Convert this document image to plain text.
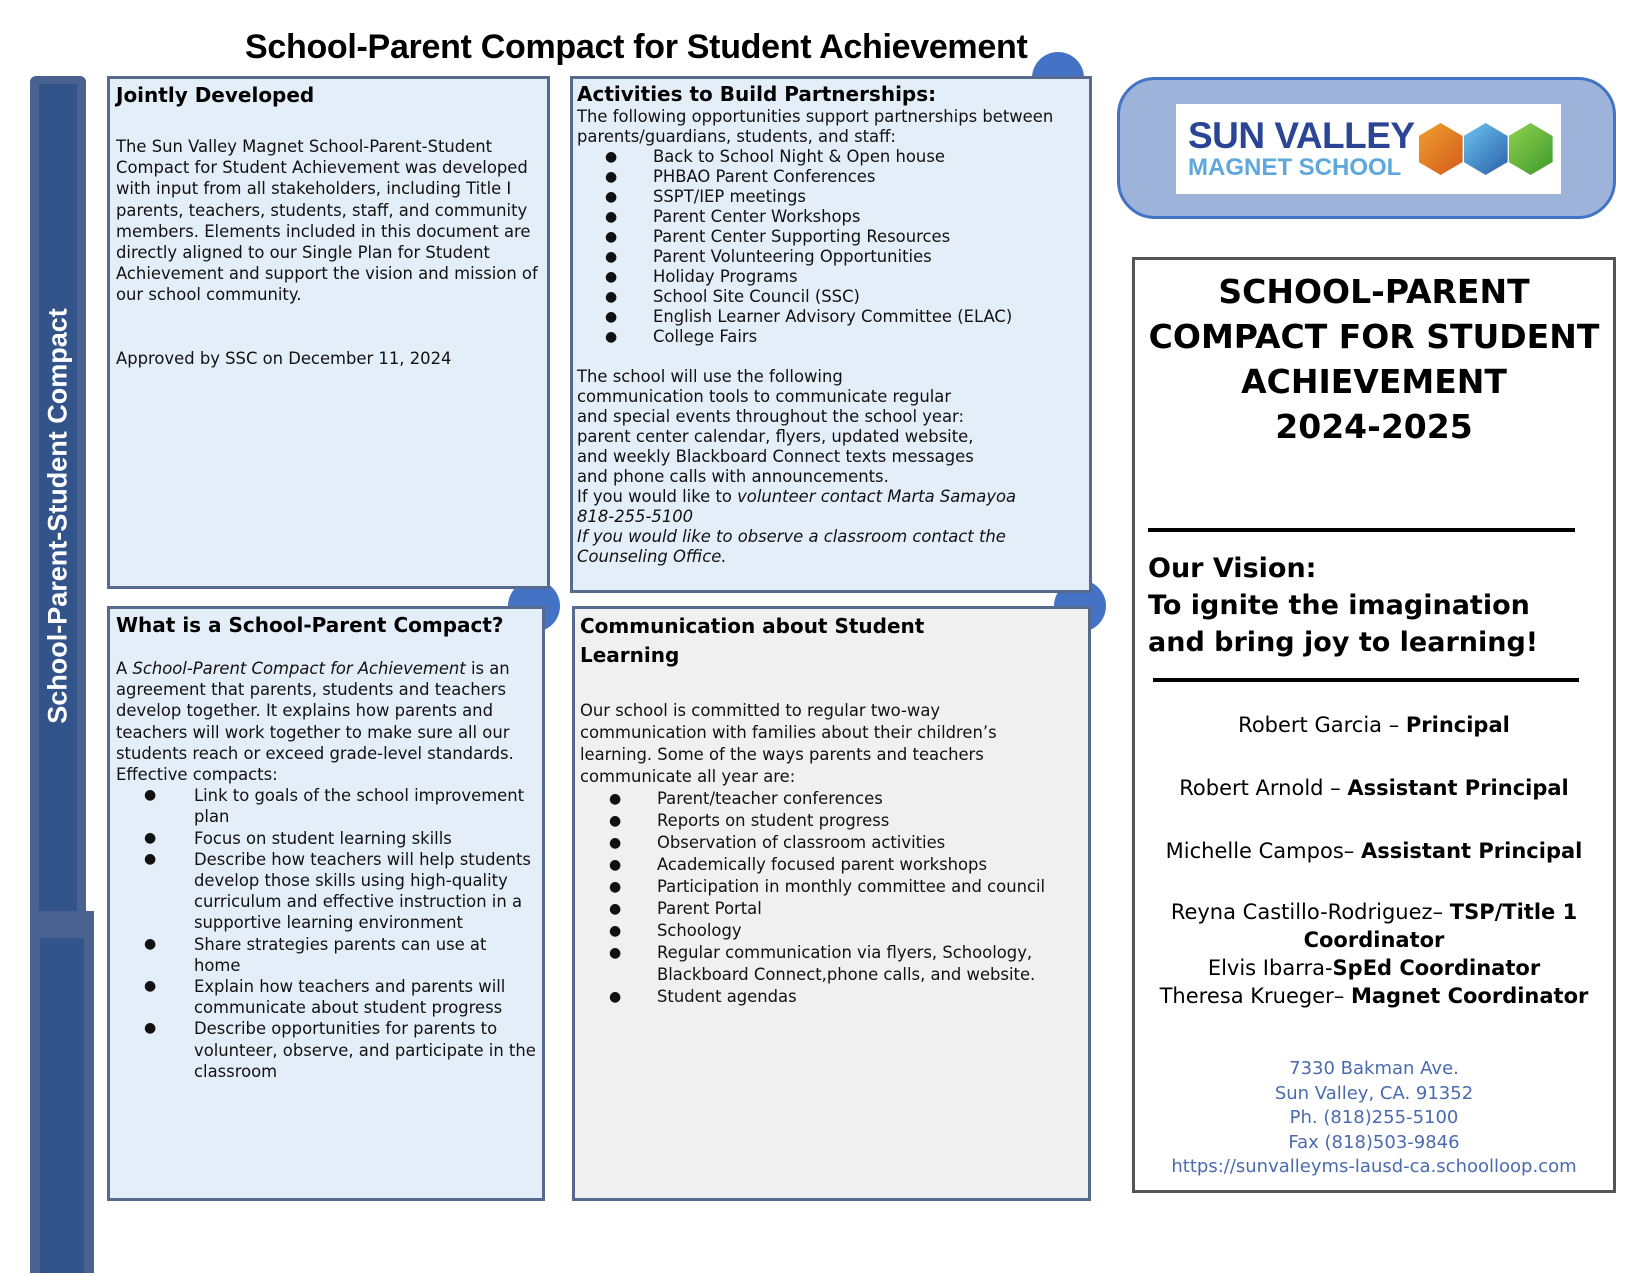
School-Parent Compact for Student Achievement
School-Parent-Student Compact
Jointly Developed

The Sun Valley Magnet School-Parent-Student Compact for Student Achievement was developed with input from all stakeholders, including Title I parents, teachers, students, staff, and community members. Elements included in this document are directly aligned to our Single Plan for Student Achievement and support the vision and mission of our school community.

Approved by SSC on December 11, 2024

Activities to Build Partnerships:

The following opportunities support partnerships between parents/guardians, students, and staff:

● Back to School Night & Open house
● PHBAO Parent Conferences
● SSPT/IEP meetings
● Parent Center Workshops
● Parent Center Supporting Resources
● Parent Volunteering Opportunities
● Holiday Programs
● School Site Council (SSC)
● English Learner Advisory Committee (ELAC)
● College Fairs
The school will use the following
communication tools to communicate regular
and special events throughout the school year:
parent center calendar, flyers, updated website,
and weekly Blackboard Connect texts messages
and phone calls with announcements.
If you would like to volunteer contact Marta Samayoa
818-255-5100
If you would like to observe a classroom contact the
Counseling Office.
What is a School-Parent Compact?

A School-Parent Compact for Achievement is an agreement that parents, students and teachers develop together. It explains how parents and teachers will work together to make sure all our students reach or exceed grade-level standards.

Effective compacts:

● Link to goals of the school improvement plan
● Focus on student learning skills
● Describe how teachers will help students develop those skills using high-quality curriculum and effective instruction in a supportive learning environment
● Share strategies parents can use at home
● Explain how teachers and parents will communicate about student progress
● Describe opportunities for parents to volunteer, observe, and participate in the classroom
Communication about Student Learning

Our school is committed to regular two-way communication with families about their children’s learning. Some of the ways parents and teachers communicate all year are:

● Parent/teacher conferences
● Reports on student progress
● Observation of classroom activities
● Academically focused parent workshops
● Participation in monthly committee and council
● Parent Portal
● Schoology
● Regular communication via flyers, Schoology, Blackboard Connect,phone calls, and website.
● Student agendas
SUN VALLEY
MAGNET SCHOOL
SCHOOL-PARENT
COMPACT FOR STUDENT
ACHIEVEMENT
2024-2025
Our Vision:
To ignite the imagination and bring joy to learning!
Robert Garcia – Principal
Robert Arnold – Assistant Principal
Michelle Campos– Assistant Principal
Reyna Castillo-Rodriguez– TSP/Title 1 Coordinator
Elvis Ibarra-SpEd Coordinator
Theresa Krueger– Magnet Coordinator
7330 Bakman Ave.
Sun Valley, CA. 91352
Ph. (818)255-5100
Fax (818)503-9846
https://sunvalleyms-lausd-ca.schoolloop.com
